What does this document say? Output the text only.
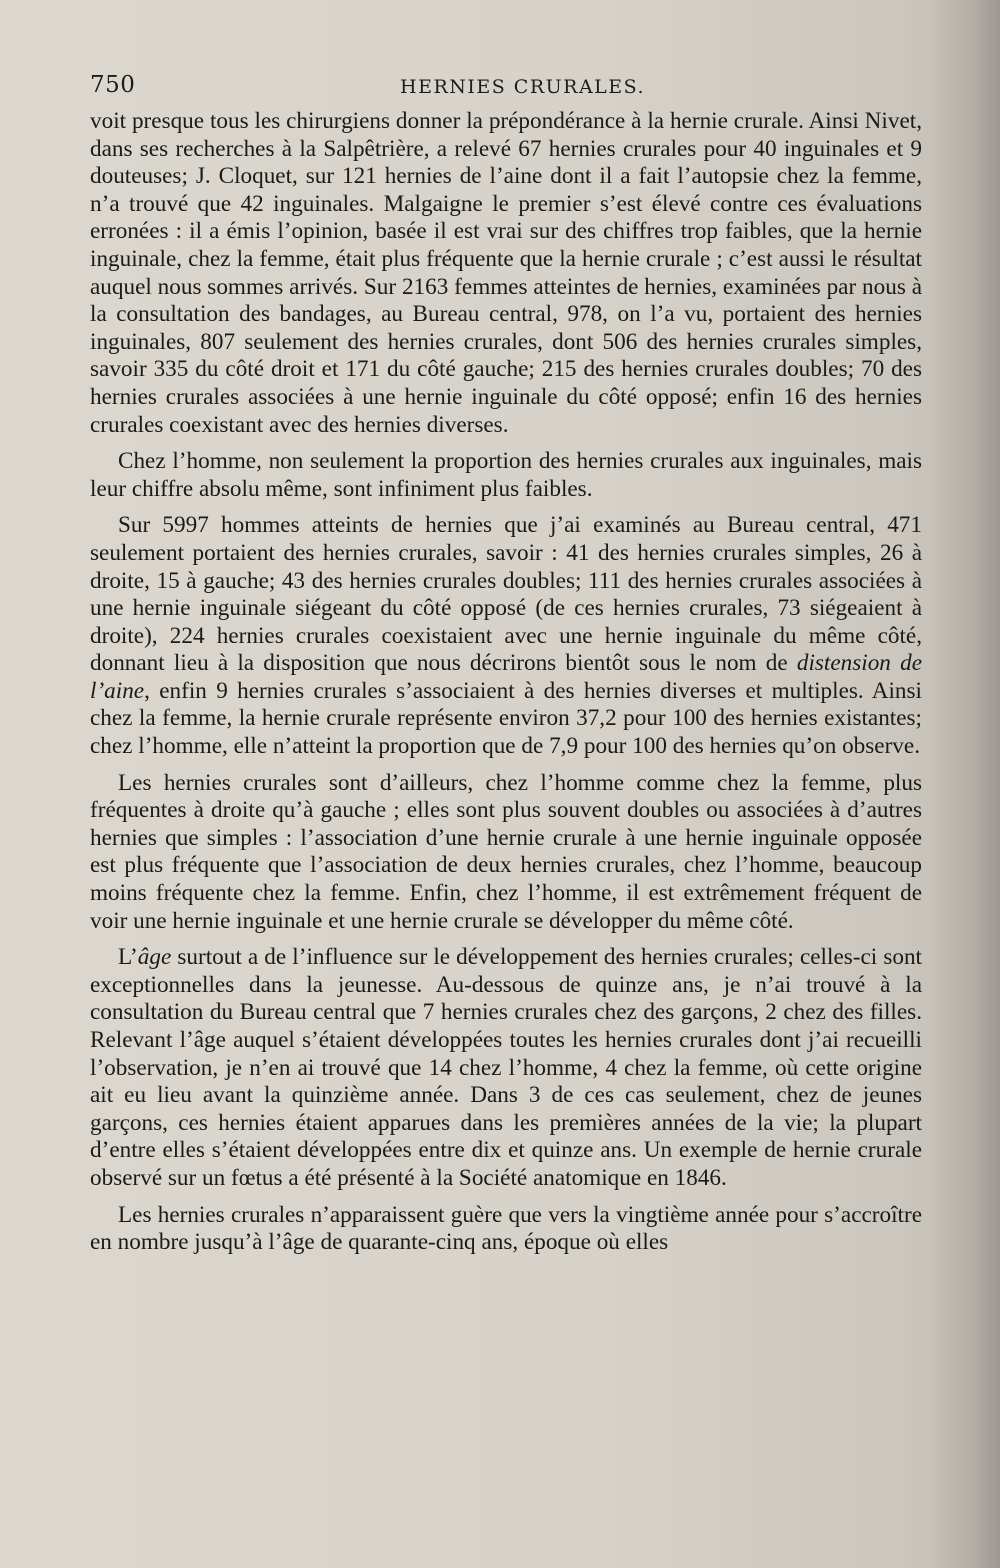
750	HERNIES CRURALES.

voit presque tous les chirurgiens donner la prépondérance à la hernie crurale. Ainsi Nivet, dans ses recherches à la Salpêtrière, a relevé 67 hernies crurales pour 40 inguinales et 9 douteuses; J. Cloquet, sur 121 hernies de l’aine dont il a fait l’autopsie chez la femme, n’a trouvé que 42 inguinales. Malgaigne le premier s’est élevé contre ces évaluations erronées : il a émis l’opinion, basée il est vrai sur des chiffres trop faibles, que la hernie inguinale, chez la femme, était plus fréquente que la hernie crurale ; c’est aussi le résultat auquel nous sommes arrivés. Sur 2163 femmes atteintes de hernies, examinées par nous à la consultation des bandages, au Bureau central, 978, on l’a vu, portaient des hernies inguinales, 807 seulement des hernies crurales, dont 506 des hernies crurales simples, savoir 335 du côté droit et 171 du côté gauche; 215 des hernies crurales doubles; 70 des hernies crurales associées à une hernie inguinale du côté opposé; enfin 16 des hernies crurales coexistant avec des hernies diverses.

Chez l’homme, non seulement la proportion des hernies crurales aux inguinales, mais leur chiffre absolu même, sont infiniment plus faibles.

Sur 5997 hommes atteints de hernies que j’ai examinés au Bureau central, 471 seulement portaient des hernies crurales, savoir : 41 des hernies crurales simples, 26 à droite, 15 à gauche; 43 des hernies crurales doubles; 111 des hernies crurales associées à une hernie inguinale siégeant du côté opposé (de ces hernies crurales, 73 siégeaient à droite), 224 hernies crurales coexistaient avec une hernie inguinale du même côté, donnant lieu à la disposition que nous décrirons bientôt sous le nom de distension de l’aine, enfin 9 hernies crurales s’associaient à des hernies diverses et multiples. Ainsi chez la femme, la hernie crurale représente environ 37,2 pour 100 des hernies existantes; chez l’homme, elle n’atteint la proportion que de 7,9 pour 100 des hernies qu’on observe.

Les hernies crurales sont d’ailleurs, chez l’homme comme chez la femme, plus fréquentes à droite qu’à gauche ; elles sont plus souvent doubles ou associées à d’autres hernies que simples : l’association d’une hernie crurale à une hernie inguinale opposée est plus fréquente que l’association de deux hernies crurales, chez l’homme, beaucoup moins fréquente chez la femme. Enfin, chez l’homme, il est extrêmement fréquent de voir une hernie inguinale et une hernie crurale se développer du même côté.

L’âge surtout a de l’influence sur le développement des hernies crurales; celles-ci sont exceptionnelles dans la jeunesse. Au-dessous de quinze ans, je n’ai trouvé à la consultation du Bureau central que 7 hernies crurales chez des garçons, 2 chez des filles. Relevant l’âge auquel s’étaient développées toutes les hernies crurales dont j’ai recueilli l’observation, je n’en ai trouvé que 14 chez l’homme, 4 chez la femme, où cette origine ait eu lieu avant la quinzième année. Dans 3 de ces cas seulement, chez de jeunes garçons, ces hernies étaient apparues dans les premières années de la vie; la plupart d’entre elles s’étaient développées entre dix et quinze ans. Un exemple de hernie crurale observé sur un fœtus a été présenté à la Société anatomique en 1846.

Les hernies crurales n’apparaissent guère que vers la vingtième année pour s’accroître en nombre jusqu’à l’âge de quarante-cinq ans, époque où elles
